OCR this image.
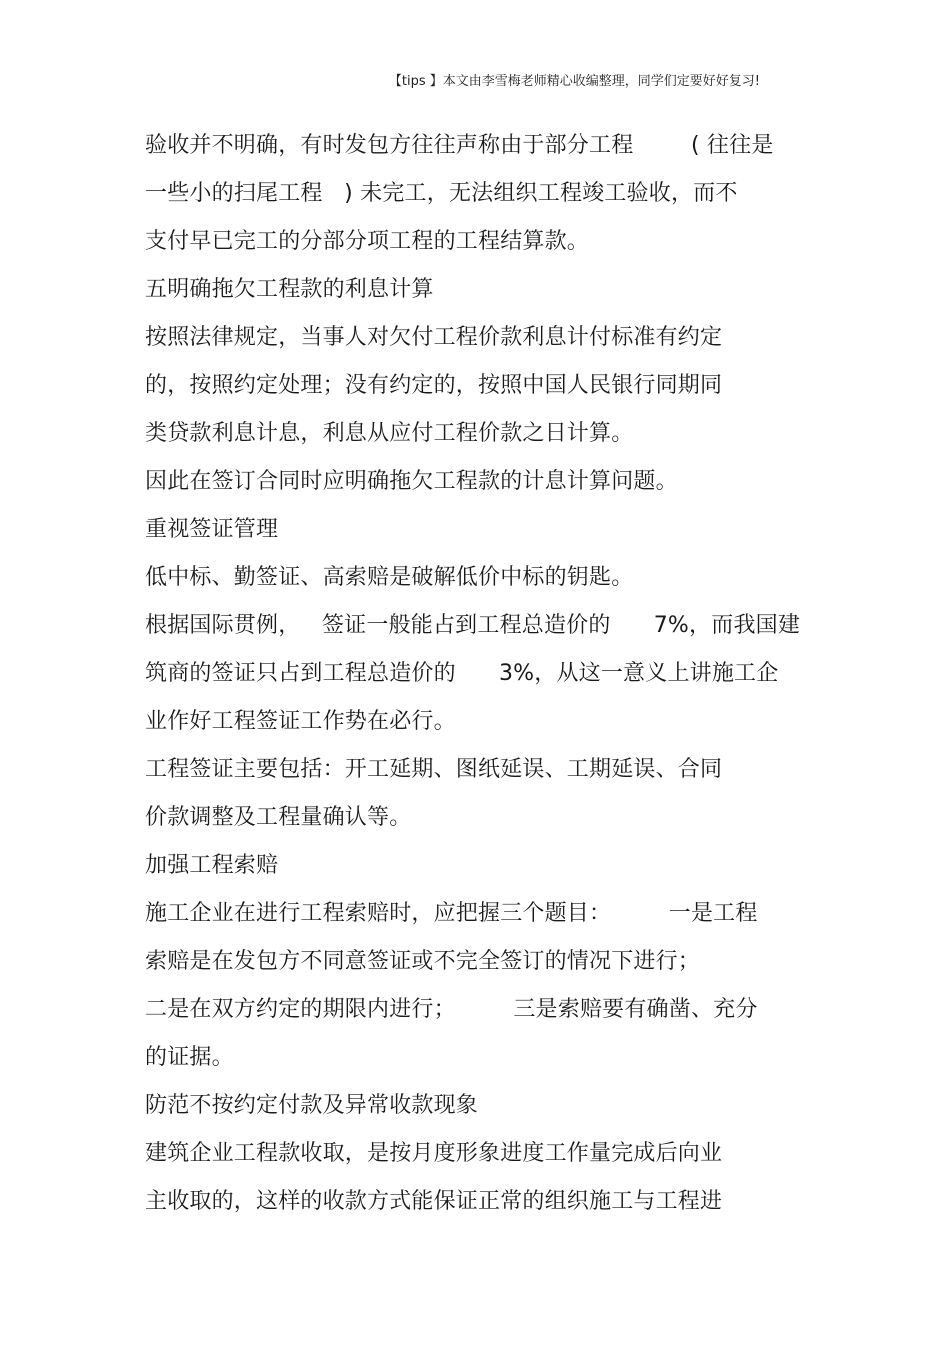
【tips 】本文由李雪梅老师精心收编整理，同学们定要好好复习!
验收并不明确，有时发包方往往声称由于部分工程        ( 往往是
一些小的扫尾工程   ) 未完工，无法组织工程竣工验收，而不
支付早已完工的分部分项工程的工程结算款。
五明确拖欠工程款的利息计算
按照法律规定，当事人对欠付工程价款利息计付标准有约定
的，按照约定处理；没有约定的，按照中国人民银行同期同
类贷款利息计息，利息从应付工程价款之日计算。
因此在签订合同时应明确拖欠工程款的计息计算问题。
重视签证管理
低中标、勤签证、高索赔是破解低价中标的钥匙。
根据国际贯例，   签证一般能占到工程总造价的      7%，而我国建
筑商的签证只占到工程总造价的      3%，从这一意义上讲施工企
业作好工程签证工作势在必行。
工程签证主要包括：开工延期、图纸延误、工期延误、合同
价款调整及工程量确认等。
加强工程索赔
施工企业在进行工程索赔时，应把握三个题目：        一是工程
索赔是在发包方不同意签证或不完全签订的情况下进行；
二是在双方约定的期限内进行；        三是索赔要有确凿、充分
的证据。
防范不按约定付款及异常收款现象
建筑企业工程款收取，是按月度形象进度工作量完成后向业
主收取的，这样的收款方式能保证正常的组织施工与工程进
